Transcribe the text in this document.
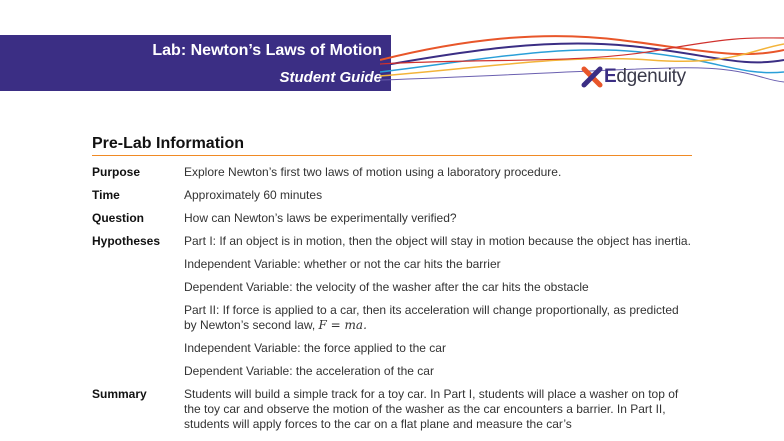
Lab: Newton’s Laws of Motion
Student Guide	Edgenuity
Pre-Lab Information
Purpose	Explore Newton’s first two laws of motion using a laboratory procedure.

Time	Approximately 60 minutes

Question	How can Newton’s laws be experimentally verified?

Hypotheses	Part I: If an object is in motion, then the object will stay in motion because the object has inertia.

Independent Variable: whether or not the car hits the barrier

Dependent Variable: the velocity of the washer after the car hits the obstacle

Part II: If force is applied to a car, then its acceleration will change proportionally, as predicted by Newton’s second law, F = ma.

Independent Variable: the force applied to the car

Dependent Variable: the acceleration of the car

Summary	Students will build a simple track for a toy car. In Part I, students will place a washer on top of the toy car and observe the motion of the washer as the car encounters a barrier. In Part II, students will apply forces to the car on a flat plane and measure the car’s
